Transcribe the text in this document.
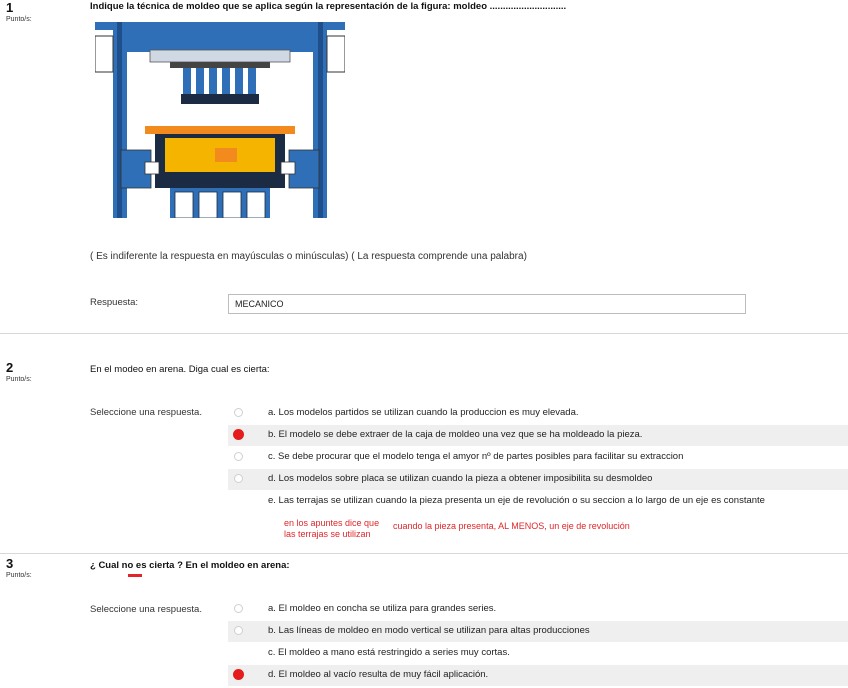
1
Punto/s:
Indique la técnica de moldeo que se aplica según la representación de la figura: moldeo .............................
( Es indiferente la respuesta en mayúsculas o minúsculas) ( La respuesta comprende una palabra)
Respuesta:	MECANICO
2
Punto/s:
En el modeo en arena. Diga cual es cierta:
Seleccione una respuesta.	a. Los modelos partidos se utilizan cuando la produccion es muy elevada.
b. El modelo se debe extraer de la caja de moldeo una vez que se ha moldeado la pieza.
c. Se debe procurar que el modelo tenga el amyor nº de partes posibles para facilitar su extraccion
d. Los modelos sobre placa se utilizan cuando la pieza a obtener imposibilita su desmoldeo
e. Las terrajas se utilizan cuando la pieza presenta un eje de revolución o su seccion a lo largo de un eje es constante
en los apuntes dice que las terrajas se utilizan
cuando la pieza presenta, AL MENOS, un eje de revolución
3
Punto/s:
¿ Cual no es cierta ? En el moldeo en arena:
Seleccione una respuesta.	a. El moldeo en concha se utiliza para grandes series.
b. Las líneas de moldeo en modo vertical se utilizan para altas producciones
c. El moldeo a mano está restringido a series muy cortas.
d. El moldeo al vacío resulta de muy fácil aplicación.
